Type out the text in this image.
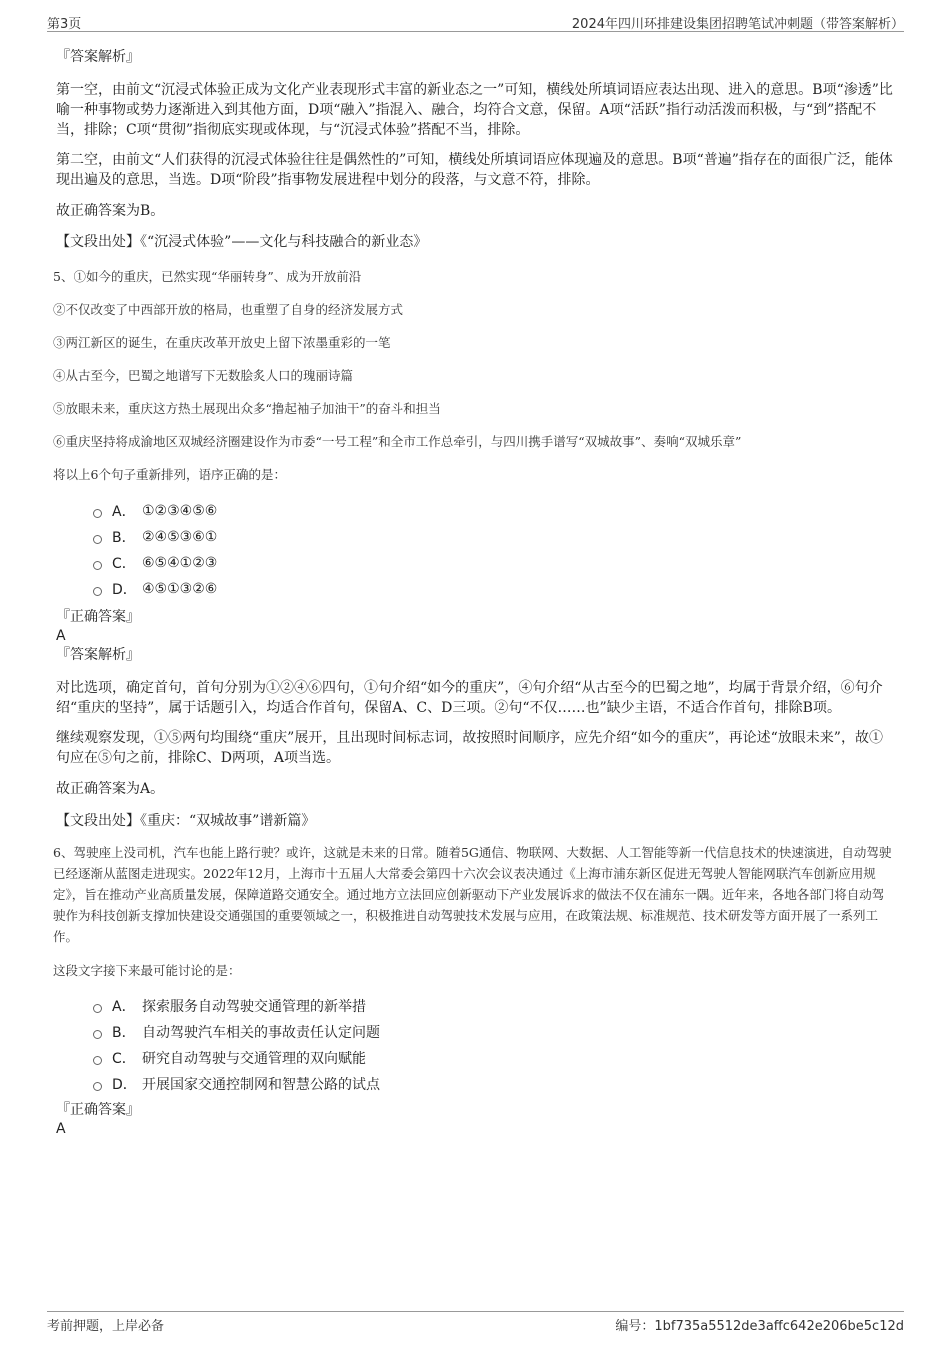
第3页	2024年四川环排建设集团招聘笔试冲刺题（带答案解析）
『答案解析』

第一空，由前文“沉浸式体验正成为文化产业表现形式丰富的新业态之一”可知，横线处所填词语应表达出现、进入的意思。B项“渗透”比喻一种事物或势力逐渐进入到其他方面，D项“融入”指混入、融合，均符合文意，保留。A项“活跃”指行动活泼而积极，与“到”搭配不当，排除；C项“贯彻”指彻底实现或体现，与“沉浸式体验”搭配不当，排除。

第二空，由前文“人们获得的沉浸式体验往往是偶然性的”可知，横线处所填词语应体现遍及的意思。B项“普遍”指存在的面很广泛，能体现出遍及的意思，当选。D项“阶段”指事物发展进程中划分的段落，与文意不符，排除。

故正确答案为B。

【文段出处】《“沉浸式体验”——文化与科技融合的新业态》

5、①如今的重庆，已然实现“华丽转身”、成为开放前沿

②不仅改变了中西部开放的格局，也重塑了自身的经济发展方式

③两江新区的诞生，在重庆改革开放史上留下浓墨重彩的一笔

④从古至今，巴蜀之地谱写下无数脍炙人口的瑰丽诗篇

⑤放眼未来，重庆这方热土展现出众多“撸起袖子加油干”的奋斗和担当

⑥重庆坚持将成渝地区双城经济圈建设作为市委“一号工程”和全市工作总牵引，与四川携手谱写“双城故事”、奏响“双城乐章”

将以上6个句子重新排列，语序正确的是：

A． ①②③④⑤⑥
B． ②④⑤③⑥①
C． ⑥⑤④①②③
D． ④⑤①③②⑥
『正确答案』
A
『答案解析』

对比选项，确定首句，首句分别为①②④⑥四句，①句介绍“如今的重庆”，④句介绍“从古至今的巴蜀之地”，均属于背景介绍，⑥句介绍“重庆的坚持”，属于话题引入，均适合作首句，保留A、C、D三项。②句“不仅……也”缺少主语，不适合作首句，排除B项。

继续观察发现，①⑤两句均围绕“重庆”展开，且出现时间标志词，故按照时间顺序，应先介绍“如今的重庆”，再论述“放眼未来”，故①句应在⑤句之前，排除C、D两项，A项当选。

故正确答案为A。

【文段出处】《重庆：“双城故事”谱新篇》

6、驾驶座上没司机，汽车也能上路行驶？或许，这就是未来的日常。随着5G通信、物联网、大数据、人工智能等新一代信息技术的快速演进，自动驾驶已经逐渐从蓝图走进现实。2022年12月，上海市十五届人大常委会第四十六次会议表决通过《上海市浦东新区促进无驾驶人智能网联汽车创新应用规定》，旨在推动产业高质量发展，保障道路交通安全。通过地方立法回应创新驱动下产业发展诉求的做法不仅在浦东一隅。近年来，各地各部门将自动驾驶作为科技创新支撑加快建设交通强国的重要领域之一，积极推进自动驾驶技术发展与应用，在政策法规、标准规范、技术研发等方面开展了一系列工作。

这段文字接下来最可能讨论的是：

A． 探索服务自动驾驶交通管理的新举措
B． 自动驾驶汽车相关的事故责任认定问题
C． 研究自动驾驶与交通管理的双向赋能
D． 开展国家交通控制网和智慧公路的试点
『正确答案』
A
考前押题，上岸必备	编号：1bf735a5512de3affc642e206be5c12d
